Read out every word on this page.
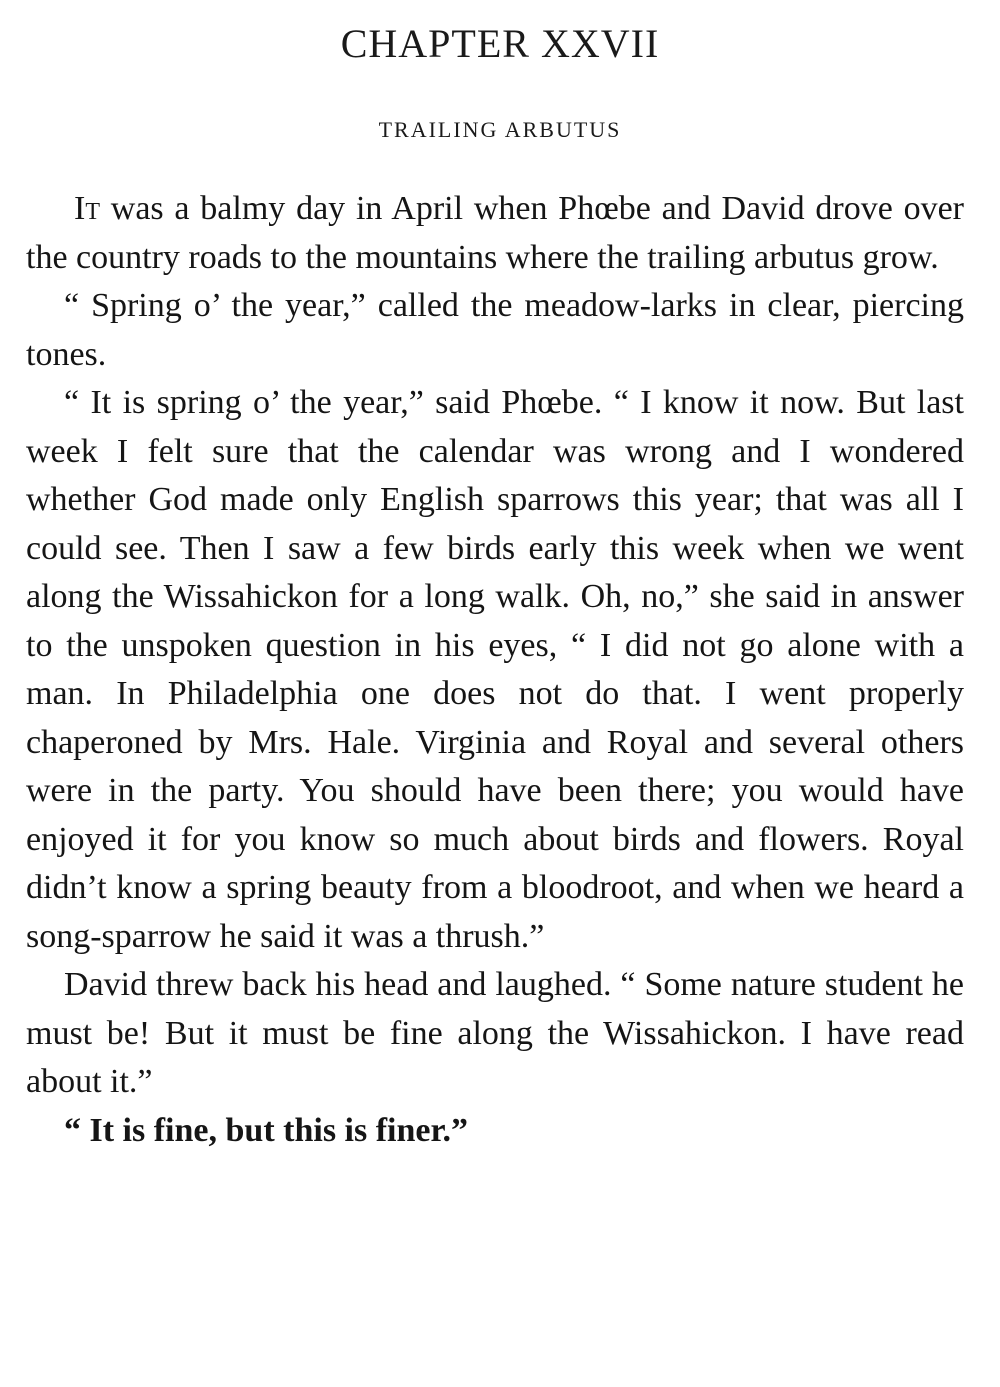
CHAPTER XXVII
TRAILING ARBUTUS

It was a balmy day in April when Phœbe and David drove over the country roads to the mountains where the trailing arbutus grow.

“ Spring o’ the year,” called the meadow-larks in clear, piercing tones.

“ It is spring o’ the year,” said Phœbe. “ I know it now. But last week I felt sure that the calendar was wrong and I wondered whether God made only English sparrows this year; that was all I could see. Then I saw a few birds early this week when we went along the Wissahickon for a long walk. Oh, no,” she said in answer to the unspoken question in his eyes, “ I did not go alone with a man. In Philadelphia one does not do that. I went properly chaperoned by Mrs. Hale. Virginia and Royal and several others were in the party. You should have been there; you would have enjoyed it for you know so much about birds and flowers. Royal didn’t know a spring beauty from a bloodroot, and when we heard a song-sparrow he said it was a thrush.”

David threw back his head and laughed. “ Some nature student he must be! But it must be fine along the Wissahickon. I have read about it.”

“ It is fine, but this is finer.”
